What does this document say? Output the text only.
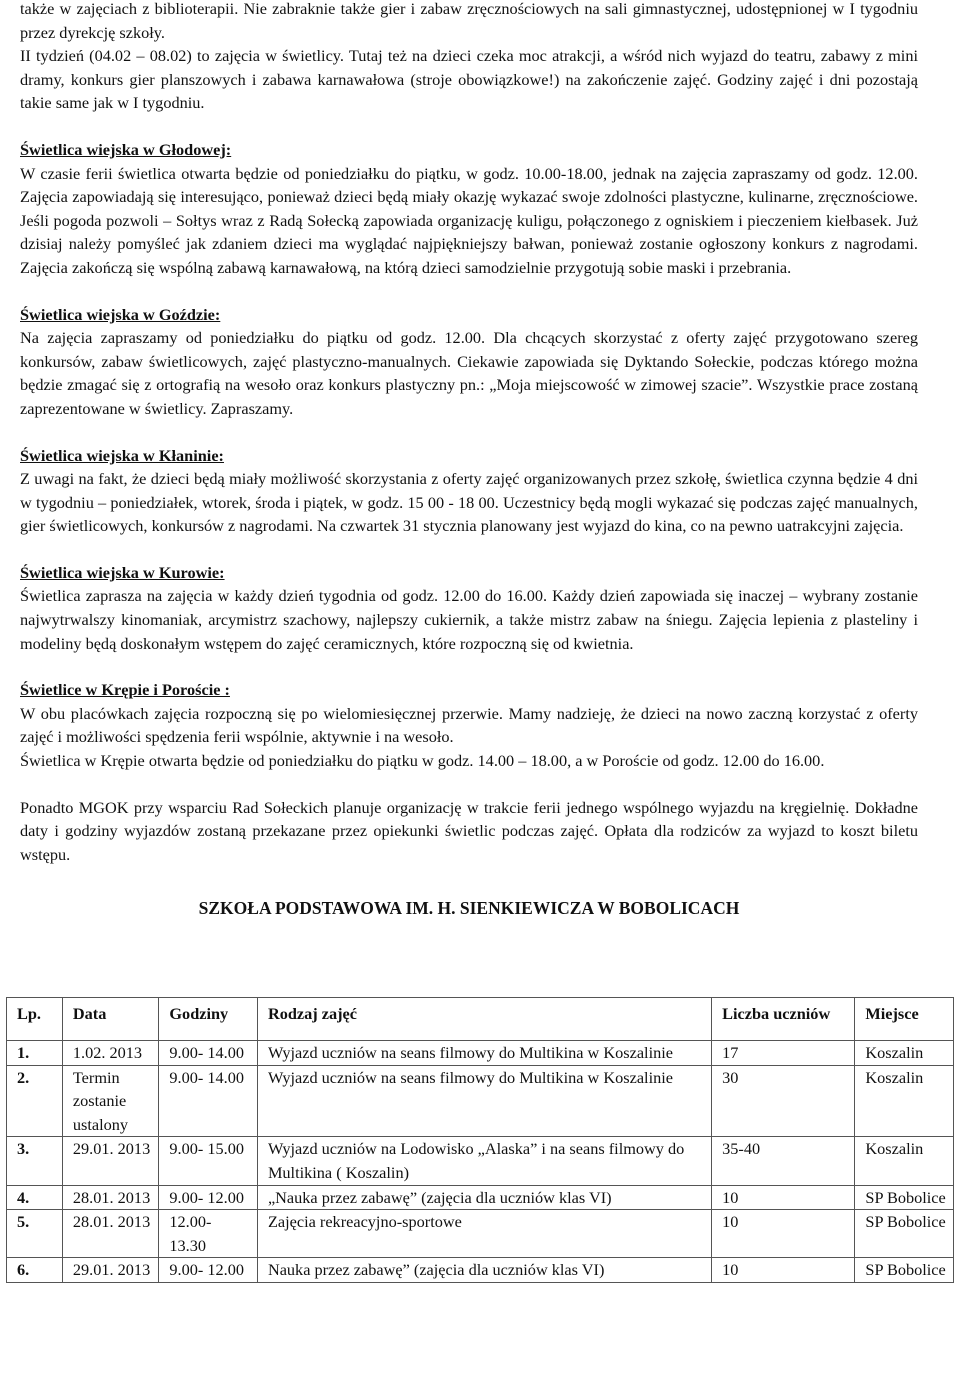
także w zajęciach z biblioterapii. Nie zabraknie także gier i zabaw zręcznościowych na sali gimnastycznej, udostępnionej w I tygodniu przez dyrekcję szkoły.

II tydzień (04.02 – 08.02) to zajęcia w świetlicy. Tutaj też na dzieci czeka moc atrakcji, a wśród nich wyjazd do teatru, zabawy z mini dramy, konkurs gier planszowych i zabawa karnawałowa (stroje obowiązkowe!) na zakończenie zajęć. Godziny zajęć i dni pozostają takie same jak w I tygodniu.

Świetlica wiejska w Głodowej:

W czasie ferii świetlica otwarta będzie od poniedziałku do piątku, w godz. 10.00-18.00, jednak na zajęcia zapraszamy od godz. 12.00. Zajęcia zapowiadają się interesująco, ponieważ dzieci będą miały okazję wykazać swoje zdolności plastyczne, kulinarne, zręcznościowe. Jeśli pogoda pozwoli – Sołtys wraz z Radą Sołecką zapowiada organizację kuligu, połączonego z ogniskiem i pieczeniem kiełbasek. Już dzisiaj należy pomyśleć jak zdaniem dzieci ma wyglądać najpiękniejszy bałwan, ponieważ zostanie ogłoszony konkurs z nagrodami. Zajęcia zakończą się wspólną zabawą karnawałową, na którą dzieci samodzielnie przygotują sobie maski i przebrania.

Świetlica wiejska w Goździe:

Na zajęcia zapraszamy od poniedziałku do piątku od godz. 12.00. Dla chcących skorzystać z oferty zajęć przygotowano szereg konkursów, zabaw świetlicowych, zajęć plastyczno-manualnych. Ciekawie zapowiada się Dyktando Sołeckie, podczas którego można będzie zmagać się z ortografią na wesoło oraz konkurs plastyczny pn.: „Moja miejscowość w zimowej szacie”. Wszystkie prace zostaną zaprezentowane w świetlicy. Zapraszamy.

Świetlica wiejska w Kłaninie:

Z uwagi na fakt, że dzieci będą miały możliwość skorzystania z oferty zajęć organizowanych przez szkołę, świetlica czynna będzie 4 dni w tygodniu – poniedziałek, wtorek, środa i piątek, w godz. 15 00 - 18 00. Uczestnicy będą mogli wykazać się podczas zajęć manualnych, gier świetlicowych, konkursów z nagrodami. Na czwartek 31 stycznia planowany jest wyjazd do kina, co na pewno uatrakcyjni zajęcia.

Świetlica wiejska w Kurowie:

Świetlica zaprasza na zajęcia w każdy dzień tygodnia od godz. 12.00 do 16.00. Każdy dzień zapowiada się inaczej – wybrany zostanie najwytrwalszy kinomaniak, arcymistrz szachowy, najlepszy cukiernik, a także mistrz zabaw na śniegu. Zajęcia lepienia z plasteliny i modeliny będą doskonałym wstępem do zajęć ceramicznych, które rozpoczną się od kwietnia.

Świetlice w Krępie i Poroście :

W obu placówkach zajęcia rozpoczną się po wielomiesięcznej przerwie. Mamy nadzieję, że dzieci na nowo zaczną korzystać z oferty zajęć i możliwości spędzenia ferii wspólnie, aktywnie i na wesoło.

Świetlica w Krępie otwarta będzie od poniedziałku do piątku w godz. 14.00 – 18.00, a w Poroście od godz. 12.00 do 16.00.

Ponadto MGOK przy wsparciu Rad Sołeckich planuje organizację w trakcie ferii jednego wspólnego wyjazdu na kręgielnię. Dokładne daty i godziny wyjazdów zostaną przekazane przez opiekunki świetlic podczas zajęć. Opłata dla rodziców za wyjazd to koszt biletu wstępu.

SZKOŁA PODSTAWOWA IM. H. SIENKIEWICZA W BOBOLICACH

Lp.	Data	Godziny	Rodzaj zajęć	Liczba uczniów	Miejsce
1.	1.02. 2013	9.00- 14.00	Wyjazd uczniów na seans filmowy do Multikina w Koszalinie	17	Koszalin
2.	Termin zostanie ustalony	9.00- 14.00	Wyjazd uczniów na seans filmowy do Multikina w Koszalinie	30	Koszalin
3.	29.01. 2013	9.00- 15.00	Wyjazd uczniów na Lodowisko „Alaska” i na seans filmowy do Multikina ( Koszalin)	35-40	Koszalin
4.	28.01. 2013	9.00- 12.00	„Nauka przez zabawę” (zajęcia dla uczniów klas VI)	10	SP Bobolice
5.	28.01. 2013	12.00- 13.30	Zajęcia rekreacyjno-sportowe	10	SP Bobolice
6.	29.01. 2013	9.00- 12.00	Nauka przez zabawę” (zajęcia dla uczniów klas VI)	10	SP Bobolice
